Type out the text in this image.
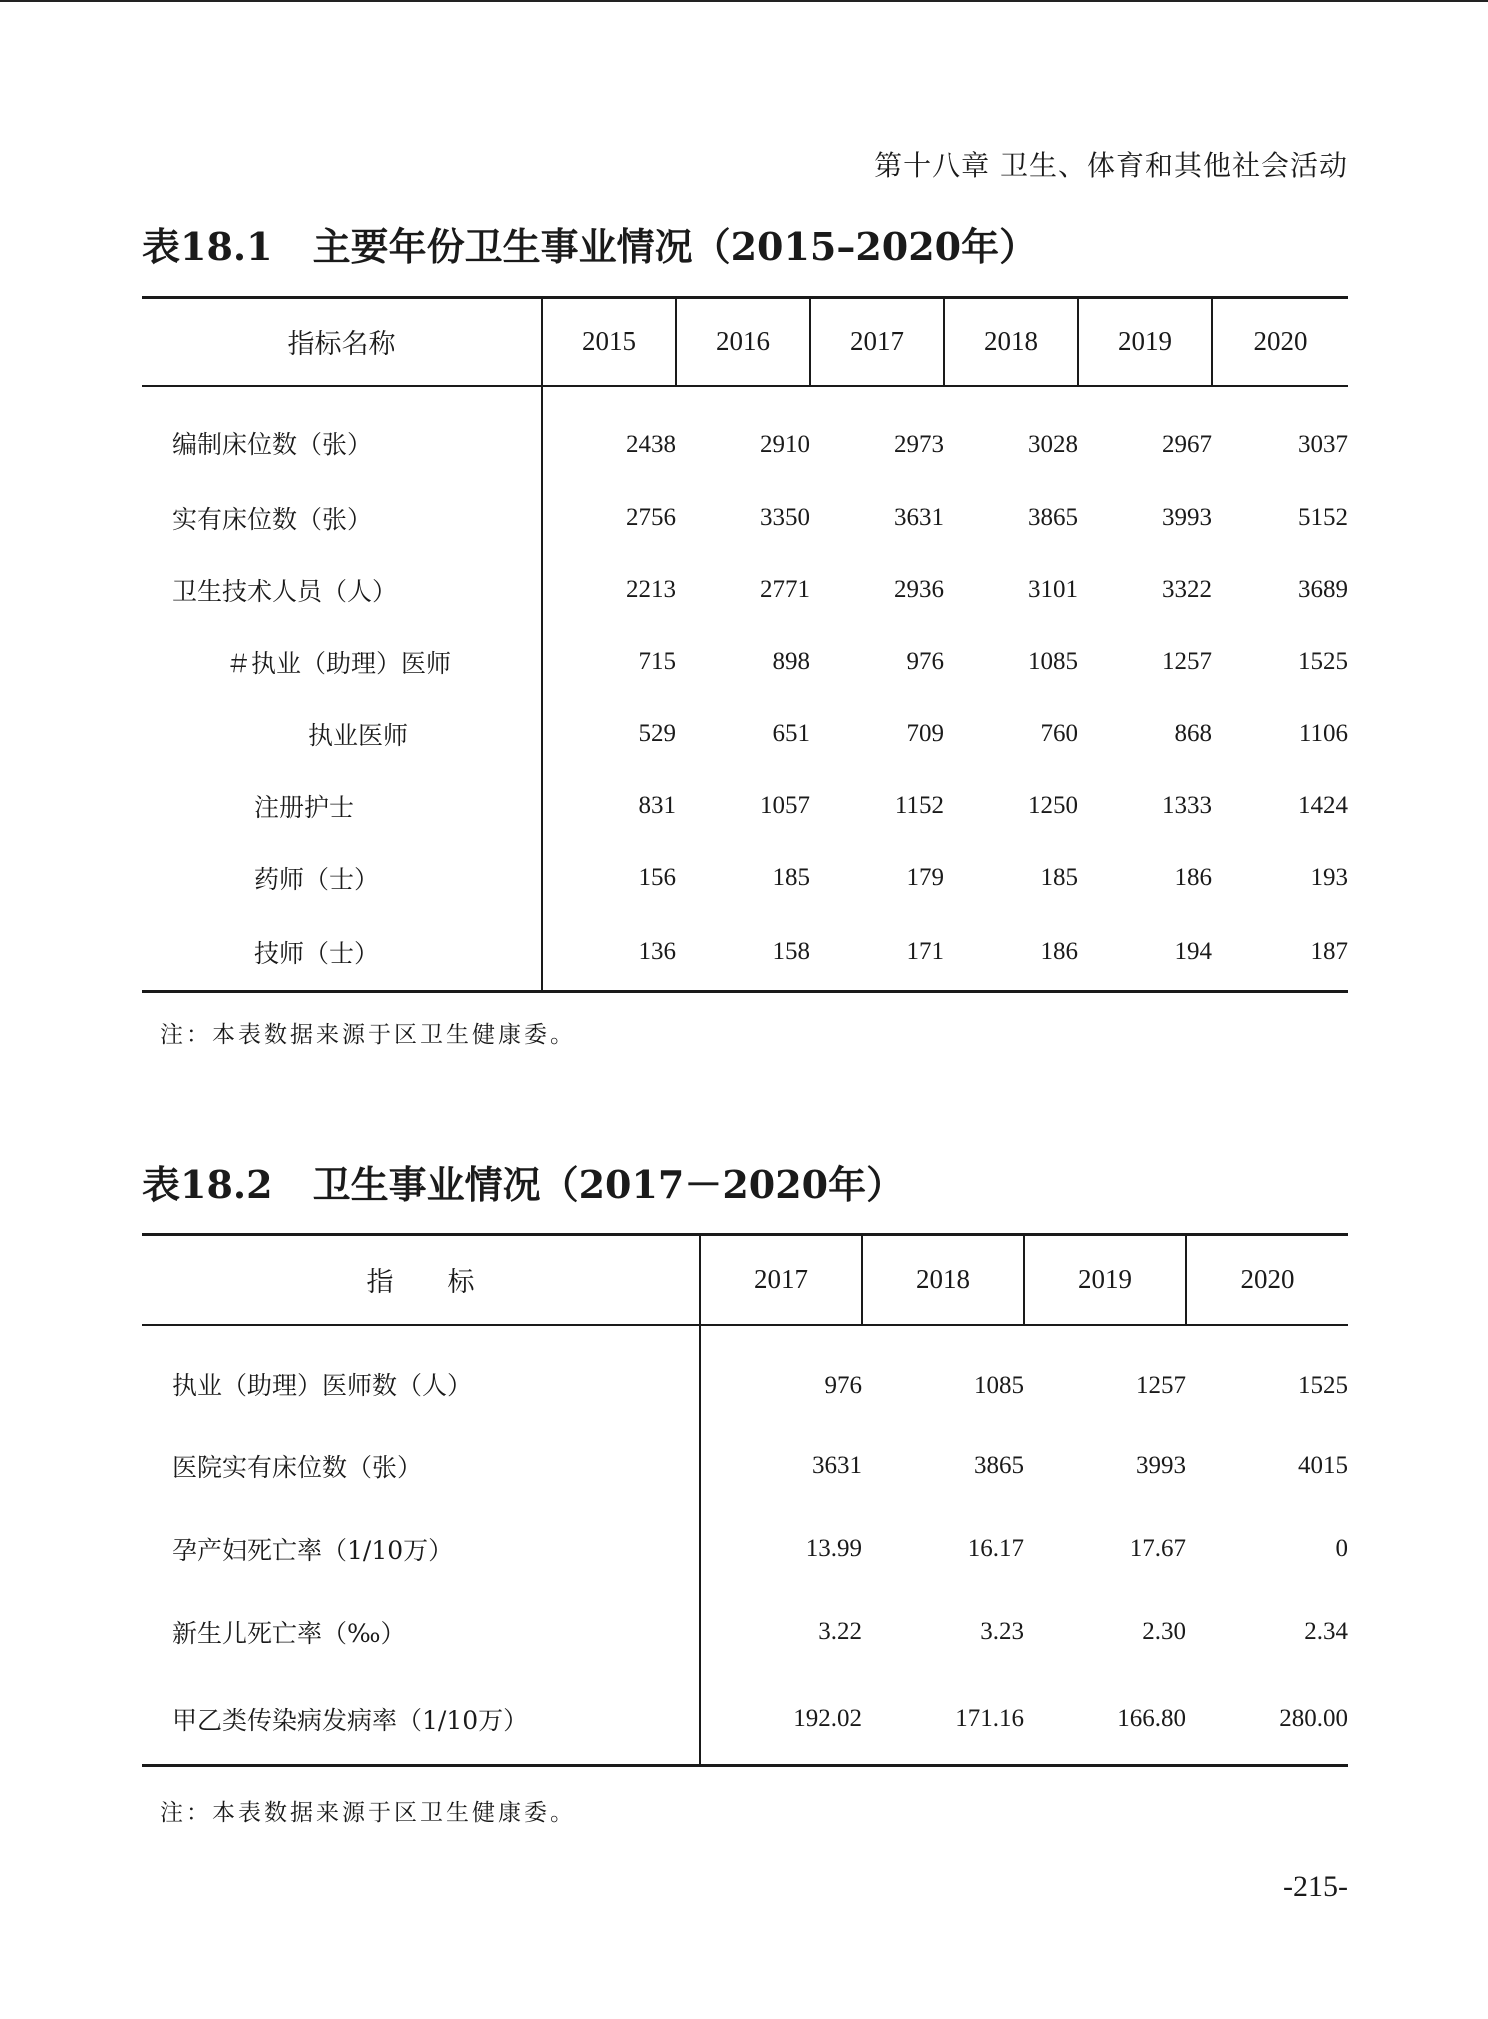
第十八章 卫生、体育和其他社会活动
表18.1 主要年份卫生事业情况（2015–2020年）
指标名称	2015	2016	2017	2018	2019	2020
编制床位数（张）	2438	2910	2973	3028	2967	3037
实有床位数（张）	2756	3350	3631	3865	3993	5152
卫生技术人员（人）	2213	2771	2936	3101	3322	3689
＃执业（助理）医师	715	898	976	1085	1257	1525
执业医师	529	651	709	760	868	1106
注册护士	831	1057	1152	1250	1333	1424
药师（士）	156	185	179	185	186	193
技师（士）	136	158	171	186	194	187
注：本表数据来源于区卫生健康委。
表18.2 卫生事业情况（2017－2020年）
指　　标	2017	2018	2019	2020
执业（助理）医师数（人）	976	1085	1257	1525
医院实有床位数（张）	3631	3865	3993	4015
孕产妇死亡率（1/10万）	13.99	16.17	17.67	0
新生儿死亡率（‰）	3.22	3.23	2.30	2.34
甲乙类传染病发病率（1/10万）	192.02	171.16	166.80	280.00
注：本表数据来源于区卫生健康委。
-215-
